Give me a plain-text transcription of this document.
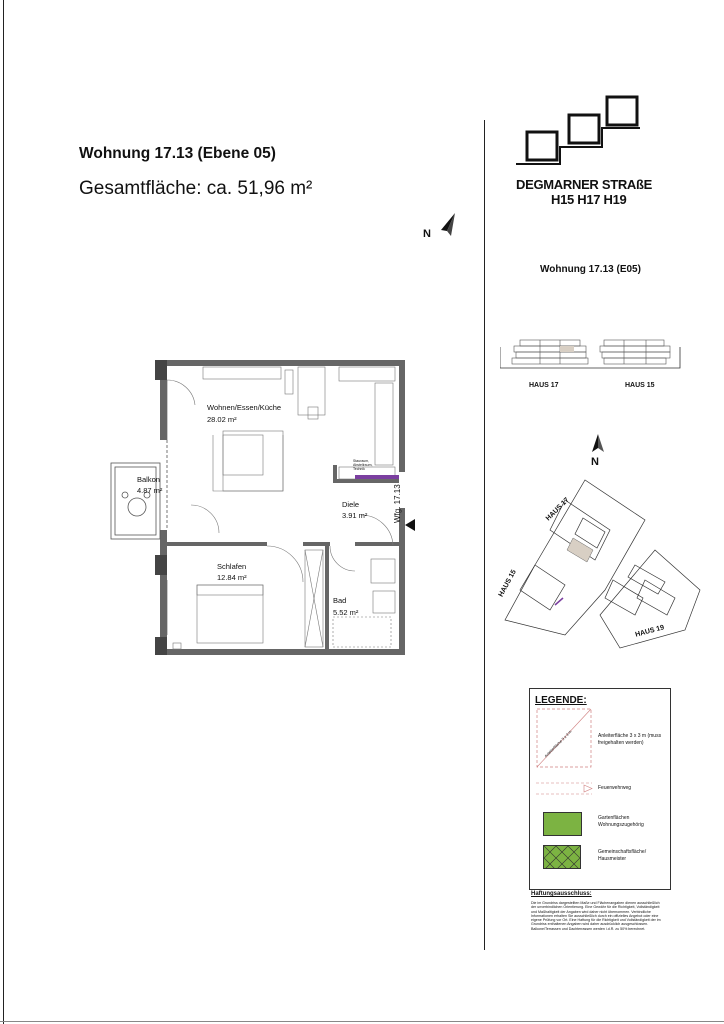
Wohnung 17.13 (Ebene 05)
Gesamtfläche: ca. 51,96 m²
N
DEGMARNER STRAßE
H15 H17 H19
Wohnung 17.13 (E05)
HAUS 17	HAUS 15
N
HAUS 17
HAUS 15
HAUS 19
Wohnen/Essen/Küche
28.02 m²
Balkon
4.87 m²
Diele
3.91 m²
Schlafen
12.84 m²
Bad
5.52 m²
Stauraum, Abstellraum, Technik
Wfg. 17.13
LEGENDE:
Anleiterfläche 3 x 3 m	Anleiterfläche 3 x 3 m (muss freigehalten werden)
Feuerwehrweg
Gartenflächen Wohnungszugehörig
Gemeinschaftsfläche/ Hausmeister
Haftungsausschluss:
Die im Grundriss dargestellten Maße und Flächenangaben dienen ausschließlich der unverbindlichen Orientierung. Eine Gewähr für die Richtigkeit, Vollständigkeit und Maßhaltigkeit der Angaben wird daher nicht übernommen. Verbindliche Informationen erhalten Sie ausschließlich durch ein offizielles Angebot oder eine eigene Prüfung vor Ort. Eine Haftung für die Richtigkeit und Vollständigkeit der im Grundriss enthaltenen Angaben wird daher ausdrücklich ausgeschlossen. Balkone/Terrassen und Dachterrassen werden i.d.R. zu 50% berechnet.
